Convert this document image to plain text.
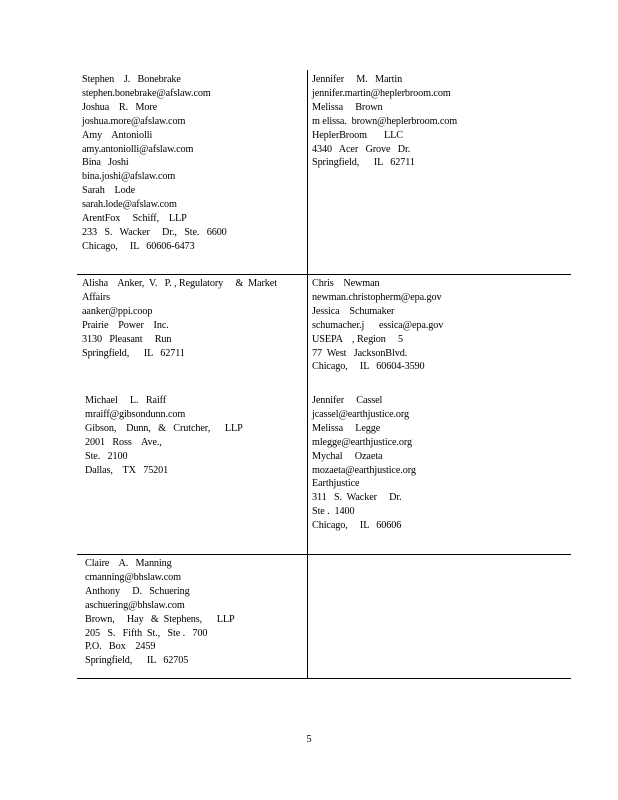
Stephen    J.   Bonebrake
stephen.bonebrake@afslaw.com
Joshua    R.   More
joshua.more@afslaw.com
Amy    Antoniolli
amy.antoniolli@afslaw.com
Bina   Joshi
bina.joshi@afslaw.com
Sarah    Lode
sarah.lode@afslaw.com
ArentFox     Schiff,    LLP
233   S.   Wacker     Dr.,   Ste.   6600
Chicago,     IL   60606-6473
Jennifer     M.   Martin
jennifer.martin@heplerbroom.com
Melissa     Brown
m elissa.  brown@heplerbroom.com
HeplerBroom       LLC
4340   Acer   Grove   Dr.
Springfield,      IL   62711
Alisha    Anker,  V.   P. , Regulatory     &  Market
Affairs
aanker@ppi.coop
Prairie    Power    Inc.
3130   Pleasant     Run
Springfield,      IL   62711
Michael     L.   Raiff
mraiff@gibsondunn.com
Gibson,    Dunn,   &   Crutcher,      LLP
2001   Ross    Ave.,
Ste.   2100
Dallas,    TX   75201
Chris    Newman
newman.christopherm@epa.gov
Jessica    Schumaker
schumacher.j      essica@epa.gov
USEPA    , Region     5
77  West   JacksonBlvd.
Chicago,     IL   60604-3590
Jennifer     Cassel
jcassel@earthjustice.org
Melissa     Legge
mlegge@earthjustice.org
Mychal     Ozaeta
mozaeta@earthjustice.org
Earthjustice
311   S.  Wacker     Dr.
Ste .  1400
Chicago,     IL   60606
Claire    A.   Manning
cmanning@bhslaw.com
Anthony     D.   Schuering
aschuering@bhslaw.com
Brown,     Hay   &  Stephens,      LLP
205   S.   Fifth  St.,   Ste .   700
P.O.   Box    2459
Springfield,      IL   62705
5
